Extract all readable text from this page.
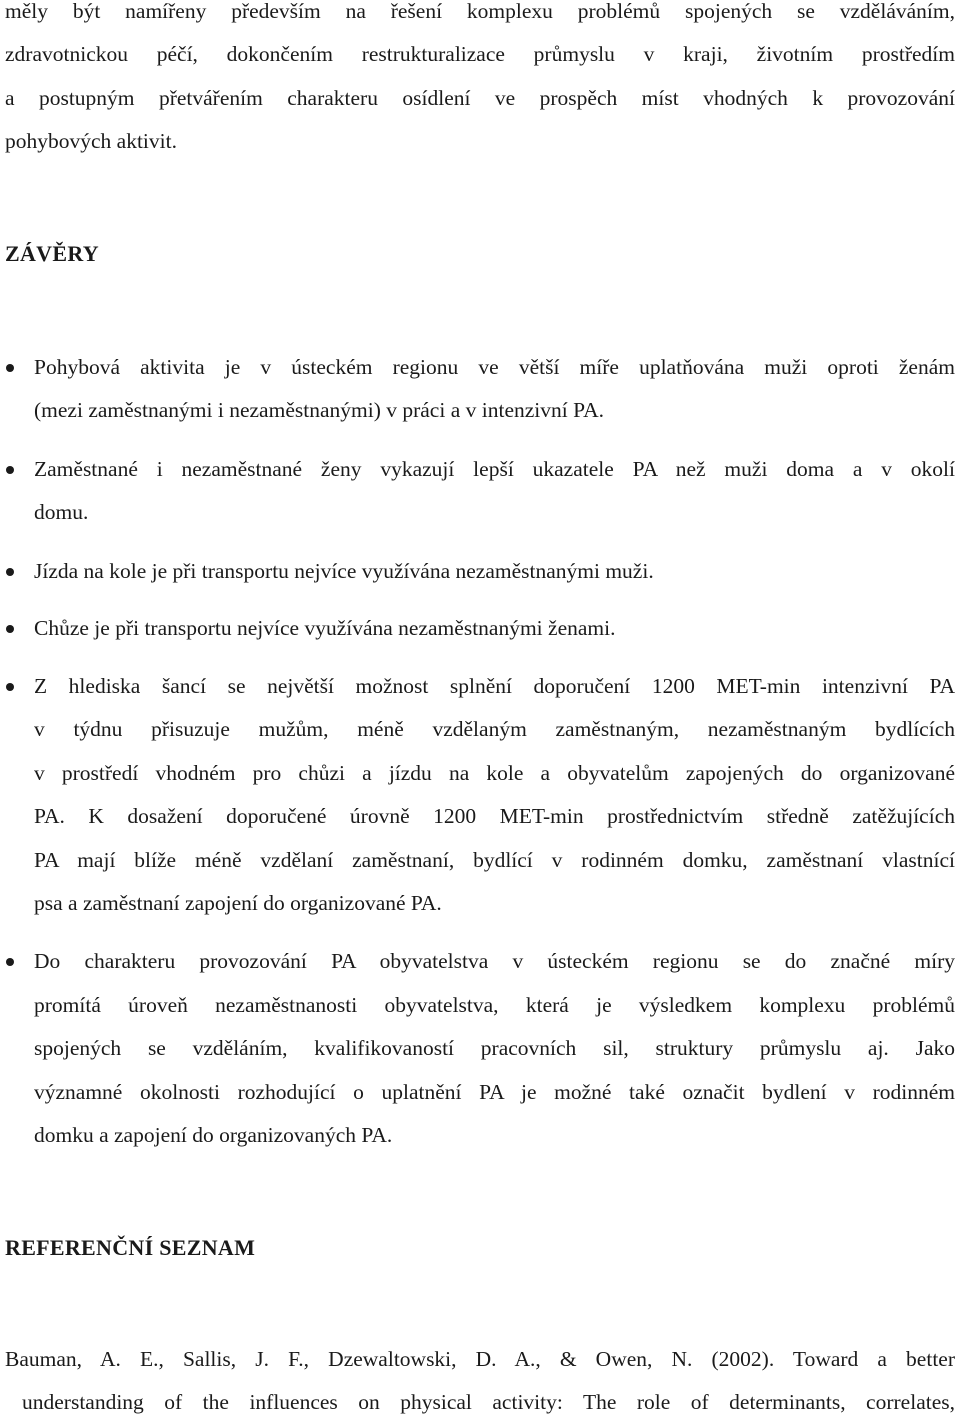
měly být namířeny především na řešení komplexu problémů spojených se vzděláváním,
zdravotnickou péčí, dokončením restrukturalizace průmyslu v kraji, životním prostředím
a postupným přetvářením charakteru osídlení ve prospěch míst vhodných k provozování
pohybových aktivit.
ZÁVĚRY
Pohybová aktivita je v ústeckém regionu ve větší míře uplatňována muži oproti ženám
(mezi zaměstnanými i nezaměstnanými) v práci a v intenzivní PA.
Zaměstnané i nezaměstnané ženy vykazují lepší ukazatele PA než muži doma a v okolí
domu.
Jízda na kole je při transportu nejvíce využívána nezaměstnanými muži.
Chůze je při transportu nejvíce využívána nezaměstnanými ženami.
Z hlediska šancí se největší možnost splnění doporučení 1200 MET-min intenzivní PA
v týdnu přisuzuje mužům, méně vzdělaným zaměstnaným, nezaměstnaným bydlících
v prostředí vhodném pro chůzi a jízdu na kole a obyvatelům zapojených do organizované
PA. K dosažení doporučené úrovně 1200 MET-min prostřednictvím středně zatěžujících
PA mají blíže méně vzdělaní zaměstnaní, bydlící v rodinném domku, zaměstnaní vlastnící
psa a zaměstnaní zapojení do organizované PA.
Do charakteru provozování PA obyvatelstva v ústeckém regionu se do značné míry
promítá úroveň nezaměstnanosti obyvatelstva, která je výsledkem komplexu problémů
spojených se vzděláním, kvalifikovaností pracovních sil, struktury průmyslu aj. Jako
významné okolnosti rozhodující o uplatnění PA je možné také označit bydlení v rodinném
domku a zapojení do organizovaných PA.
REFERENČNÍ SEZNAM
Bauman, A. E., Sallis, J. F., Dzewaltowski, D. A., & Owen, N. (2002). Toward a better
understanding of the influences on physical activity: The role of determinants, correlates,
